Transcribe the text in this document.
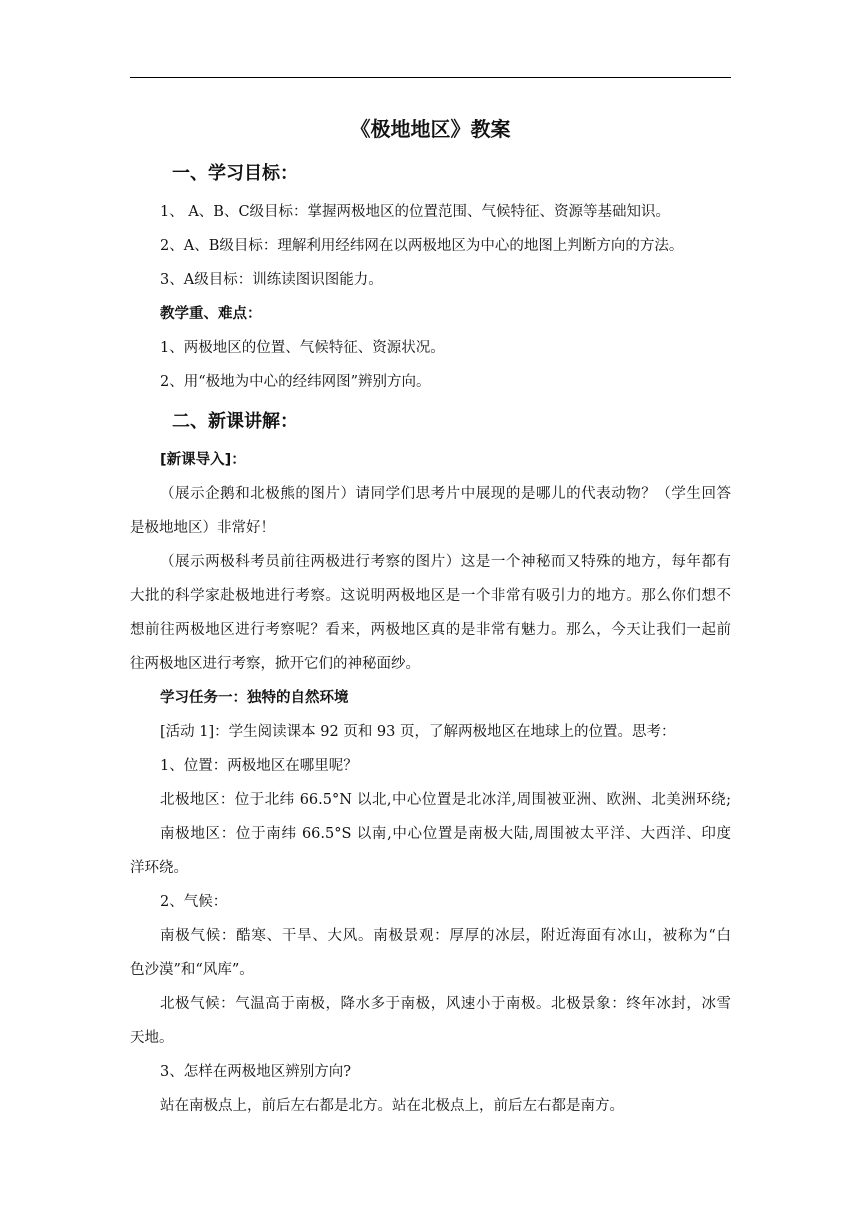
《极地地区》教案
一、学习目标：
1、 A、B、C级目标：掌握两极地区的位置范围、气候特征、资源等基础知识。
2、A、B级目标：理解利用经纬网在以两极地区为中心的地图上判断方向的方法。
3、A级目标：训练读图识图能力。
教学重、难点：
1、两极地区的位置、气候特征、资源状况。
2、用“极地为中心的经纬网图”辨别方向。
二、新课讲解：
[新课导入]：
（展示企鹅和北极熊的图片）请同学们思考片中展现的是哪儿的代表动物？（学生回答
是极地地区）非常好！
（展示两极科考员前往两极进行考察的图片）这是一个神秘而又特殊的地方，每年都有
大批的科学家赴极地进行考察。这说明两极地区是一个非常有吸引力的地方。那么你们想不
想前往两极地区进行考察呢？看来，两极地区真的是非常有魅力。那么，今天让我们一起前
往两极地区进行考察，掀开它们的神秘面纱。
学习任务一：独特的自然环境
[活动 1]：学生阅读课本 92 页和 93 页，了解两极地区在地球上的位置。思考：
1、位置：两极地区在哪里呢？
北极地区：位于北纬 66.5°N 以北,中心位置是北冰洋,周围被亚洲、欧洲、北美洲环绕;
南极地区：位于南纬 66.5°S 以南,中心位置是南极大陆,周围被太平洋、大西洋、印度
洋环绕。
2、气候：
南极气候：酷寒、干旱、大风。南极景观：厚厚的冰层，附近海面有冰山，被称为“白
色沙漠”和“风库”。
北极气候：气温高于南极，降水多于南极，风速小于南极。北极景象：终年冰封，冰雪
天地。
3、怎样在两极地区辨别方向?
站在南极点上，前后左右都是北方。站在北极点上，前后左右都是南方。
